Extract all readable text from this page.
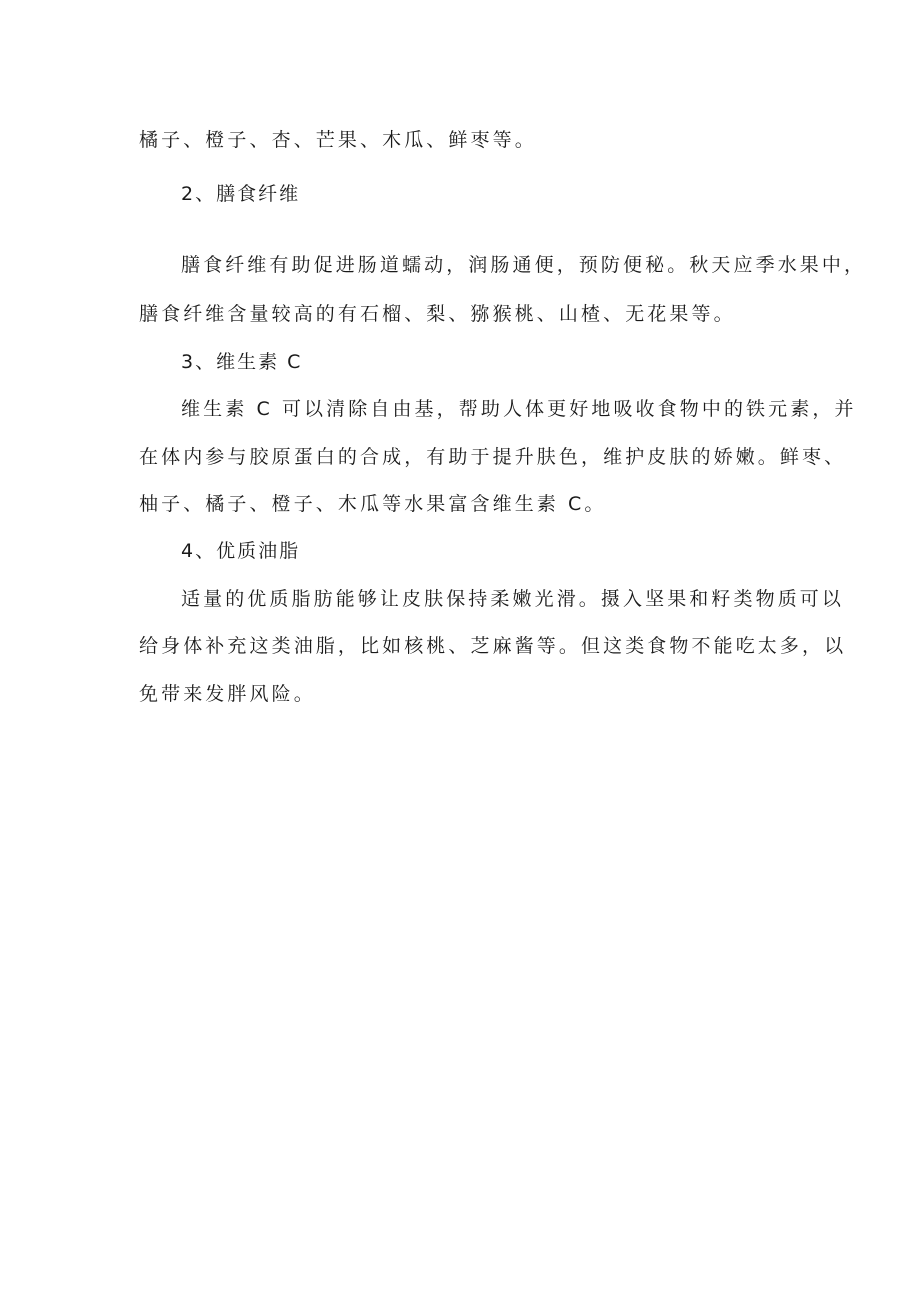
橘子、橙子、杏、芒果、木瓜、鲜枣等。
2、膳食纤维
膳食纤维有助促进肠道蠕动，润肠通便，预防便秘。秋天应季水果中，
膳食纤维含量较高的有石榴、梨、猕猴桃、山楂、无花果等。
3、维生素 C
维生素 C 可以清除自由基，帮助人体更好地吸收食物中的铁元素，并
在体内参与胶原蛋白的合成，有助于提升肤色，维护皮肤的娇嫩。鲜枣、
柚子、橘子、橙子、木瓜等水果富含维生素 C。
4、优质油脂
适量的优质脂肪能够让皮肤保持柔嫩光滑。摄入坚果和籽类物质可以
给身体补充这类油脂，比如核桃、芝麻酱等。但这类食物不能吃太多，以
免带来发胖风险。
